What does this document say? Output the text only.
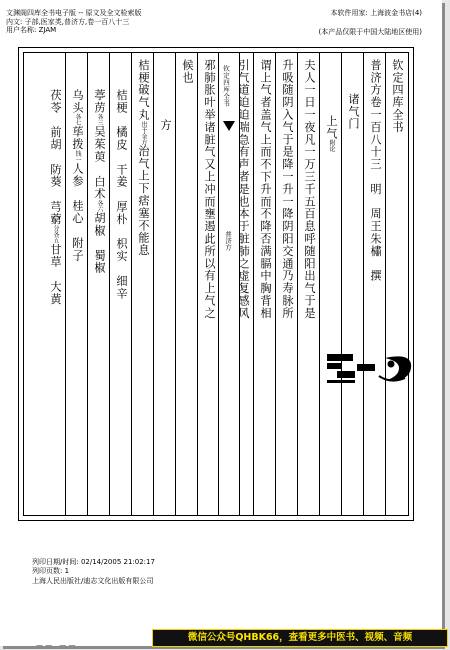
文渊阁四库全书电子版 -- 原文及全文检索版
内文: 子部,医家类,普济方,卷一百八十三
用户名称: ZJAM
本软件用家: 上海波金书店(4)
(本产品仅限于中国大陆地区使用)
钦定四库全书
普济方卷一百八十三　明　周王朱橚　撰
诸气门
上气附论
夫人一日一夜凡一万三千五百息呼随阳出气于是
升吸随阴入气于是降一升一降阴阳交通乃寿脉所
谓上气者盖气上而不下升而不降否满膈中胸背相
引气道迫迫喘急有声者是也本于脏肺之虚复感风
钦定四库全书
普济方
邪肺胀叶举诸脏气又上冲而壅遏此所以有上气之
候也
方
桔梗破气丸出千金方治气上下痞塞不能息
桔梗　橘皮　干姜　厚朴　枳实　细辛
葶苈各三吴茱萸　白术各六胡椒　蜀椒
乌头各七荜拨钱一人参　桂心　附子
茯苓　前胡　防葵　芎藭分各五甘草　大黄
列印日期/时间: 02/14/2005 21:02:17
列印页数: 1
上海人民出版社/迪志文化出版有限公司
— —　— —
微信公众号QHBK66，查看更多中医书、视频、音频
